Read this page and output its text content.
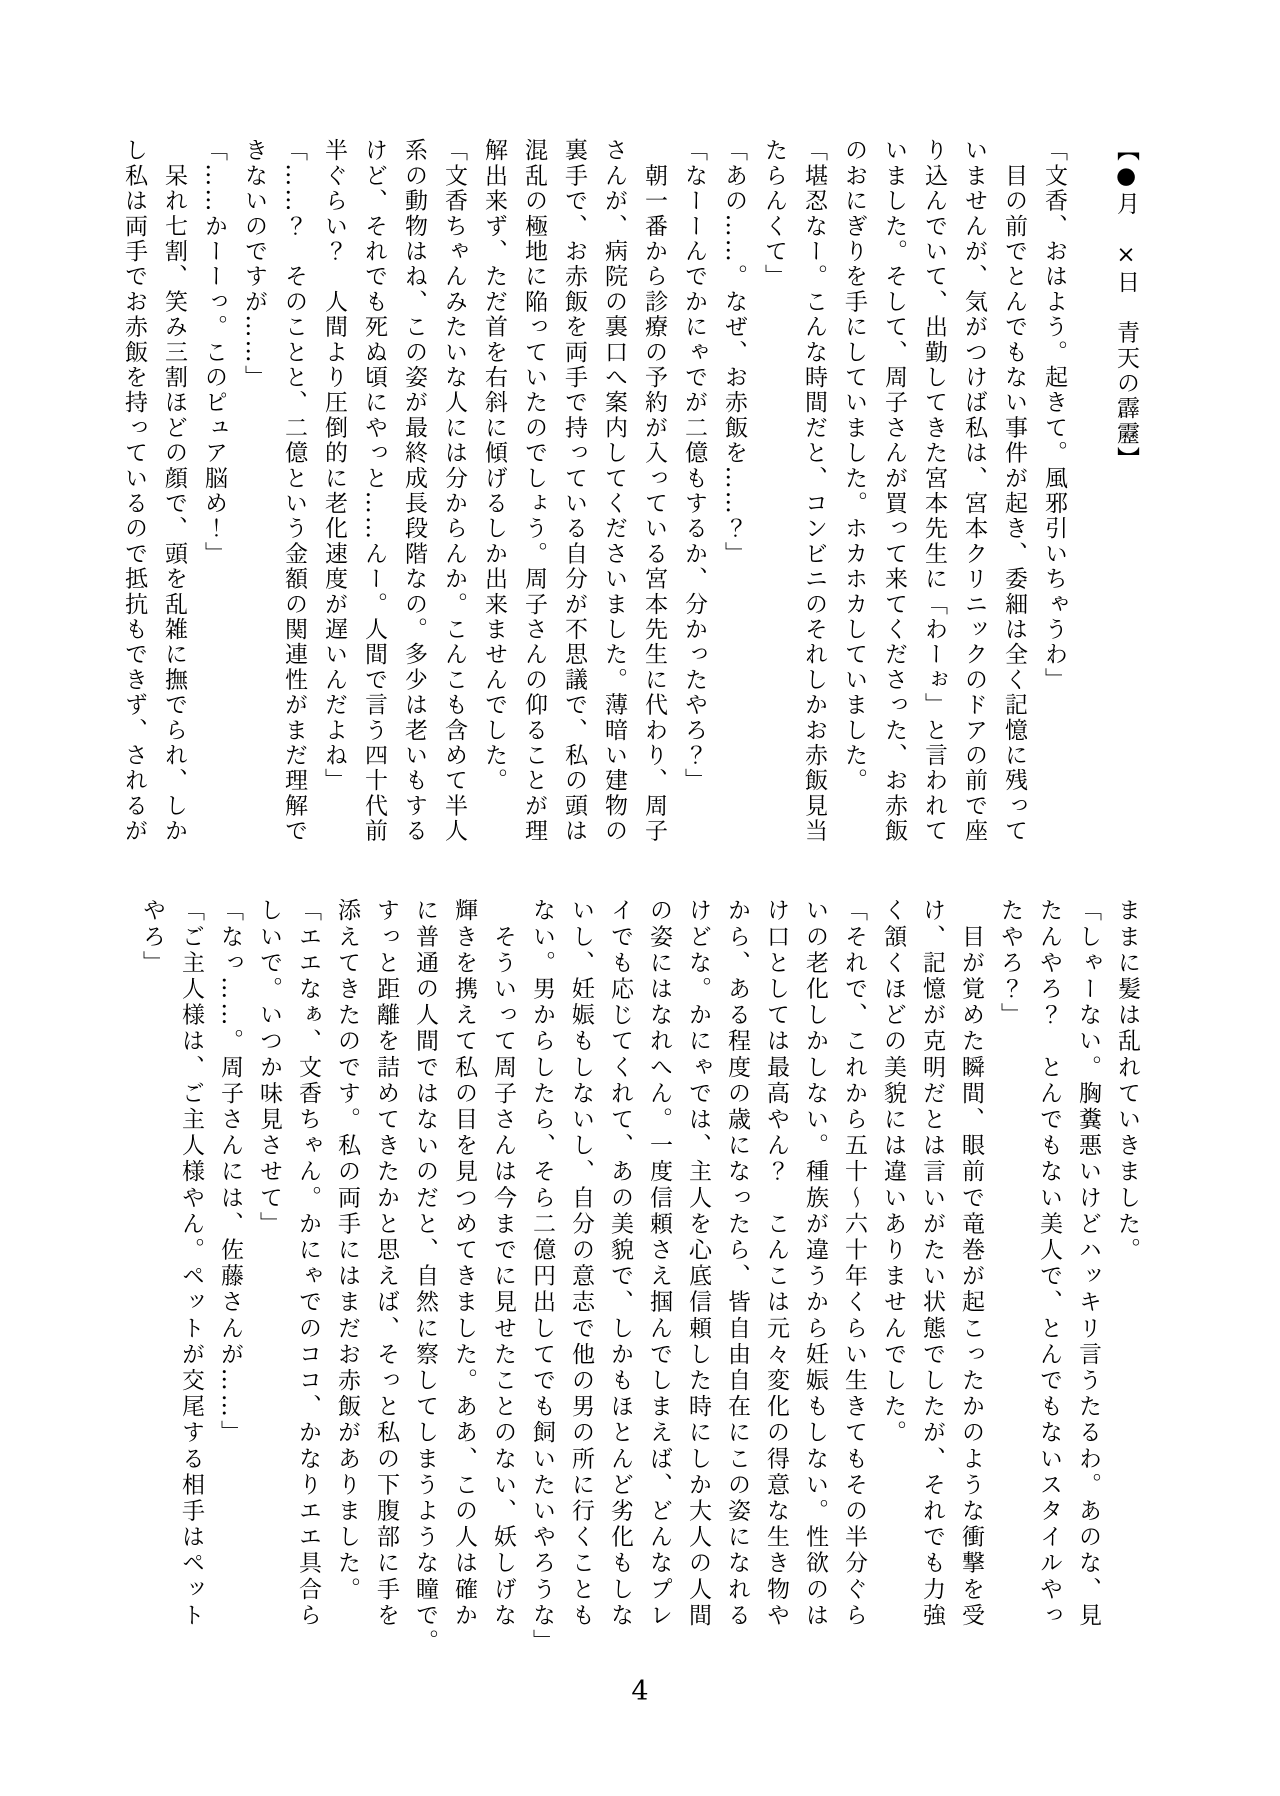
【●月　×日　青天の霹靂】

「文香、おはよう。起きて。風邪引いちゃうわ」

　目の前でとんでもない事件が起き、委細は全く記憶に残って

いませんが、気がつけば私は、宮本クリニックのドアの前で座

り込んでいて、出勤してきた宮本先生に「わーぉ」と言われて

いました。そして、周子さんが買って来てくださった、お赤飯

のおにぎりを手にしていました。ホカホカしていました。

「堪忍なー。こんな時間だと、コンビニのそれしかお赤飯見当

たらんくて」

「あの……。なぜ、お赤飯を……？」

「なーーんでかにゃでが二億もするか、分かったやろ？」

　朝一番から診療の予約が入っている宮本先生に代わり、周子

さんが、病院の裏口へ案内してくださいました。薄暗い建物の

裏手で、お赤飯を両手で持っている自分が不思議で、私の頭は

混乱の極地に陥っていたのでしょう。周子さんの仰ることが理

解出来ず、ただ首を右斜に傾げるしか出来ませんでした。

「文香ちゃんみたいな人には分からんか。こんこも含めて半人

系の動物はね、この姿が最終成長段階なの。多少は老いもする

けど、それでも死ぬ頃にやっと……んー。人間で言う四十代前

半ぐらい？　人間より圧倒的に老化速度が遅いんだよね」

「……？　そのことと、二億という金額の関連性がまだ理解で

きないのですが……」

「……かーーっ。このピュア脳め！」

　呆れ七割、笑み三割ほどの顔で、頭を乱雑に撫でられ、しか

し私は両手でお赤飯を持っているので抵抗もできず、されるが

ままに髪は乱れていきました。

「しゃーない。胸糞悪いけどハッキリ言うたるわ。あのな、見

たんやろ？　とんでもない美人で、とんでもないスタイルやっ

たやろ？」

　目が覚めた瞬間、眼前で竜巻が起こったかのような衝撃を受

け、記憶が克明だとは言いがたい状態でしたが、それでも力強

く頷くほどの美貌には違いありませんでした。

「それで、これから五十〜六十年くらい生きてもその半分ぐら

いの老化しかしない。種族が違うから妊娠もしない。性欲のは

け口としては最高やん？　こんこは元々変化の得意な生き物や

から、ある程度の歳になったら、皆自由自在にこの姿になれる

けどな。かにゃでは、主人を心底信頼した時にしか大人の人間

の姿にはなれへん。一度信頼さえ掴んでしまえば、どんなプレ

イでも応じてくれて、あの美貌で、しかもほとんど劣化もしな

いし、妊娠もしないし、自分の意志で他の男の所に行くことも

ない。男からしたら、そら二億円出してでも飼いたいやろうな」

　そういって周子さんは今までに見せたことのない、妖しげな

輝きを携えて私の目を見つめてきました。ああ、この人は確か

に普通の人間ではないのだと、自然に察してしまうような瞳で。

すっと距離を詰めてきたかと思えば、そっと私の下腹部に手を

添えてきたのです。私の両手にはまだお赤飯がありました。

「エエなぁ、文香ちゃん。かにゃでのココ、かなりエエ具合ら

しいで。いつか味見させて」

「なっ……。周子さんには、佐藤さんが……」

「ご主人様は、ご主人様やん。ペットが交尾する相手はペット

やろ」

4
